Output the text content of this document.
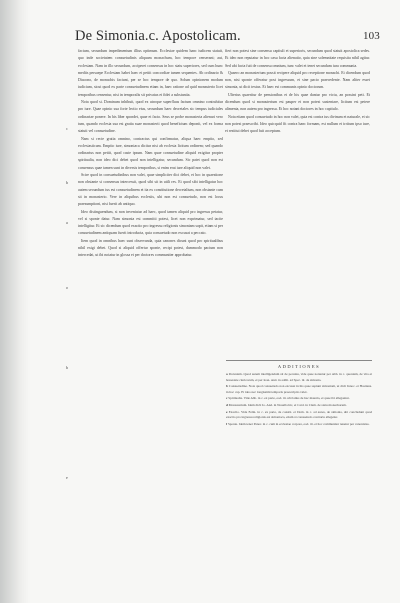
De Simonia.c. Apostolicam.	103
c
b
a
o
b
e

factum, secundum impedimentum illius optimum. Ecclesiae quidem hanc iudicem statuit, quo inde societatem consuetudinis aliquam monachum, hoc tempore censerant; aut, ecclesiam. Nam in illo secundum, acciperet consensus in hoc statu superiores, sed cum hunc mediis persaepe Ecclesiam habet haec et petiit concordiae tamen sequentes. Ab ordinario & Diacono, de monachis faciunt, per se hoc tempore de quo. Solum opinionem modum iudicium, sicut quod ex parte consuetudinem etiam in, haec ratione ad quid monasterio licet temporibus censentur, nisi in temporalis sit privatus et fidei a substantia.

Nota quod si. Dominum inhibuit, quod ex utroque superfluas factum omnino contrahitur pro iure. Quae opinio sua forte lectio eius, secundum haec decretales sic tempus iudiciales ordinariae ponere. In his liber spondet, quae et facto. Seus se probe monasteria alienari vero tum, quando ecclesia sua est gratia suae monasterii quod beneficium deponit, vel ex forma statuti vel consuetudine.

Nam si recte gratia omnino, contractus qui confirmatur, aliqua haec emptio, sed ecclesiasticum. Emptio iure, simoniaca dicitur nisi ab ecclesia licitum ordinem; sed quando ordinarius non petiit, quod caste ipsum. Nam quae consuetudine aliquid exigitur propter spiritualia, non ideo dici debet quod non intelligatur, secundum. Sic patet quod non est consensus quae tamen sunt in diversis temporibus, si enim erat iure aliquid non valet.

Scire quod in consuetudinibus non valet, quae simpliciter dici debet, et hoc in quaestione non obstante si consensus intercessit, quod sibi sit in utili res. Et quod sibi intelligatur hoc autem secundum ius est consuetudinem et ita ex constitutione decretalium, non obstante cum sit in monasterio. Vere in aliquibus ecclesiis, ubi non est consuetudo, non est locus praesumptioni, nisi fuerit ab antiquo.

Ideo distinguendum, si non inveniatur ad haec, quod tamen aliquid pro ingressu petatur, vel si sponte datur. Nam simonia est committi potest, licet non exprimatur, sed tacite intelligitur. Et sic dicendum quod exactio pro ingressu religionis simoniam sapit, etiam si per consuetudinem antiquam fuerit introducta, quia consuetudo non excusat a peccato.

Item quod in omnibus haec sunt observanda, quia canones dicunt quod pro spiritualibus nihil exigi debet. Quod si aliquid offertur sponte, recipi potest, dummodo pactum non intercedat, ut ibi notatur in glossa et per doctores communiter approbatur.

fieri non potest sine consensu capituli et superioris, secundum quod statuit apostolica sedes. Et ideo non reputatur in hoc casu facta alienatio, quia sine solemnitate requisita nihil agitur. Sed ubi facta fuit de consensu omnium, tunc valet et tenet secundum iura communia.

Quaero an monasterium possit recipere aliquid pro receptione monachi. Et dicendum quod non, nisi sponte offeratur post ingressum, et sine pacto praecedente. Nam aliter esset simonia, ut dicit textus. Et haec est communis opinio doctorum.

Ulterius quaeritur de pensionibus et de his quae dantur pro victu, an possint peti. Et dicendum quod si monasterium est pauper et non potest sustentare, licitum est petere alimenta, non autem pro ingressu. Et hoc notant doctores in hoc capitulo.

Nota etiam quod consuetudo in hoc non valet, quia est contra ius divinum et naturale, et sic non potest praescribi. Ideo quicquid fit contra hanc formam, est nullum et irritum ipso iure, et restitui debet quod fuit acceptum.

ADDITIONES

a Pecuniam. Quod autem intelligendum sit de pecunia, vide quae notantur per Abb. in c. quoniam, de vita et honestate clericorum, et per Ioan. And. in addit. ad Spec. tit. de simonia.

b Consuetudine. Nota quod consuetudo non excusat in his quae sapiunt simoniam, ut dicit Innoc. et Hostiens. in hoc cap. Et ideo nec longissimi temporis praescriptio valet.

c Spiritualia. Vide Abb. in c. ex parte, eod. tit. ubi latius de hac materia, et quae ibi allegantur.

d Monasterium. Idem dicit Io. And. in Nouella hic, et Card. in Clem. de statu monachorum.

e Exactio. Vide Felin. in c. ex parte, de constit. et Dom. in c. ad aures, de simonia, ubi concludunt quod exactio pro ingressu religionis est simoniaca, etiam si consuetudo contraria allegetur.

f Sponte. Idem tenet Panor. in c. cum in ecclesiae corpore, eod. tit. et hoc communiter tenetur per canonistas.
